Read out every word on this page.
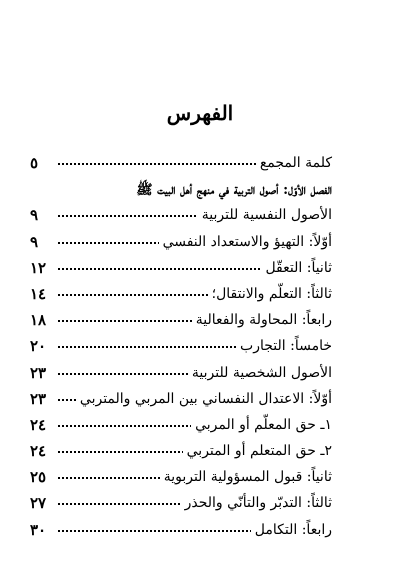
الفهرس
كلمة المجمع
٥
الفصل الأوّل: أصول التربية في منهج أهل البيت ﷺ
الأصول النفسية للتربية
٩
أوّلاً: التهيؤ والاستعداد النفسي
٩
ثانياً: التعقّل
١٢
ثالثاً: التعلّم والانتقال؛
١٤
رابعاً: المحاولة والفعالية
١٨
خامساً: التجارب
٢٠
الأصول الشخصية للتربية
٢٣
أوّلاً: الاعتدال النفساني بين المربي والمتربي
٢٣
١ـ حق المعلّم أو المربي
٢٤
٢ـ حق المتعلم أو المتربي
٢٤
ثانياً: قبول المسؤولية التربوية
٢٥
ثالثاً: التدبّر والتأنّي والحذر
٢٧
رابعاً: التكامل
٣٠
